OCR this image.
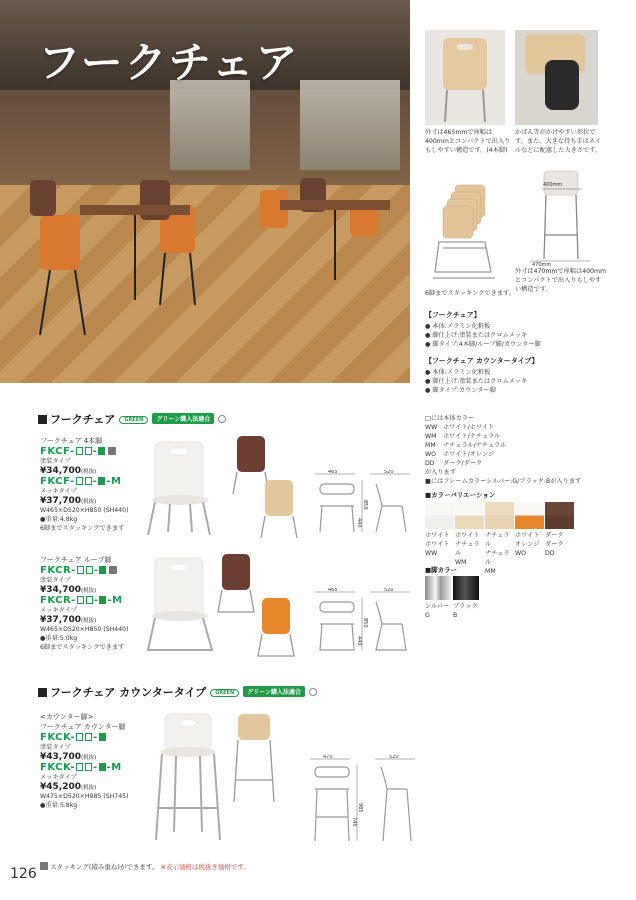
フークチェア
外寸は465mmで座幅は400mmとコンパクトで出入りもしやすい構造です。(4本脚)
かばん等がかけやすい形状です。また、大きな持ち手はネイルなどに配慮した大きさです。
6脚までスタッキングできます。
400mm
470mm
外寸は470mmで座幅は400mmとコンパクトで出入りもしやすい構造です。
【フークチェア】
● 本体:メラミン化粧板
● 脚仕上げ:塗装またはクロムメッキ
● 脚タイプ:4本脚/ループ脚/カウンター脚
【フークチェア カウンタータイプ】
● 本体:メラミン化粧板
● 脚仕上げ:塗装またはクロムメッキ
● 脚タイプ:カウンター脚
フークチェア GREEN グリーン購入法適合
フークチェア 4本脚
FKCF- -
塗装タイプ
¥34,700(税抜)
FKCF- - -M
メッキタイプ
¥37,700(税抜)
W465×D520×H850 (SH440)
●重量:4.8kg
6脚までスタッキングできます
465	520
850
440
フークチェア ループ脚
FKCR- -
塗装タイプ
¥34,700(税抜)
FKCR- - -M
メッキタイプ
¥37,700(税抜)
W465×D520×H850 (SH440)
●重量:5.0kg
6脚までスタッキングできます
465	520
850
440
□には本体カラー
WW ホワイト/ホワイト
WM ホワイト/ナチュラル
MM ナチュラル/ナチュラル
WO ホワイト/オレンジ
DD ダーク/ダーク
が入ります
■にはフレームカラーシルバー:G/ブラック:Bが入ります
■カラーバリエーション
ホワイト
ホワイト
WW
ホワイト
ナチュラル
WM
ナチュラル
ナチュラル
MM
ホワイト
オレンジ
WO
ダーク
ダーク
DD
■脚カラー
シルバー
G
ブラック
B
フークチェア カウンタータイプ GREEN グリーン購入法適合
<カウンター脚>
フークチェア カウンター脚
FKCK- -
塗装タイプ
¥43,700(税抜)
FKCK- - -M
メッキタイプ
¥45,200(税抜)
W475×D520×H985 (SH745)
●重量:5.8kg
470	520
985
745
126	スタッキング(積み重ね)ができます。 ※表示価格は税抜き価格です。
